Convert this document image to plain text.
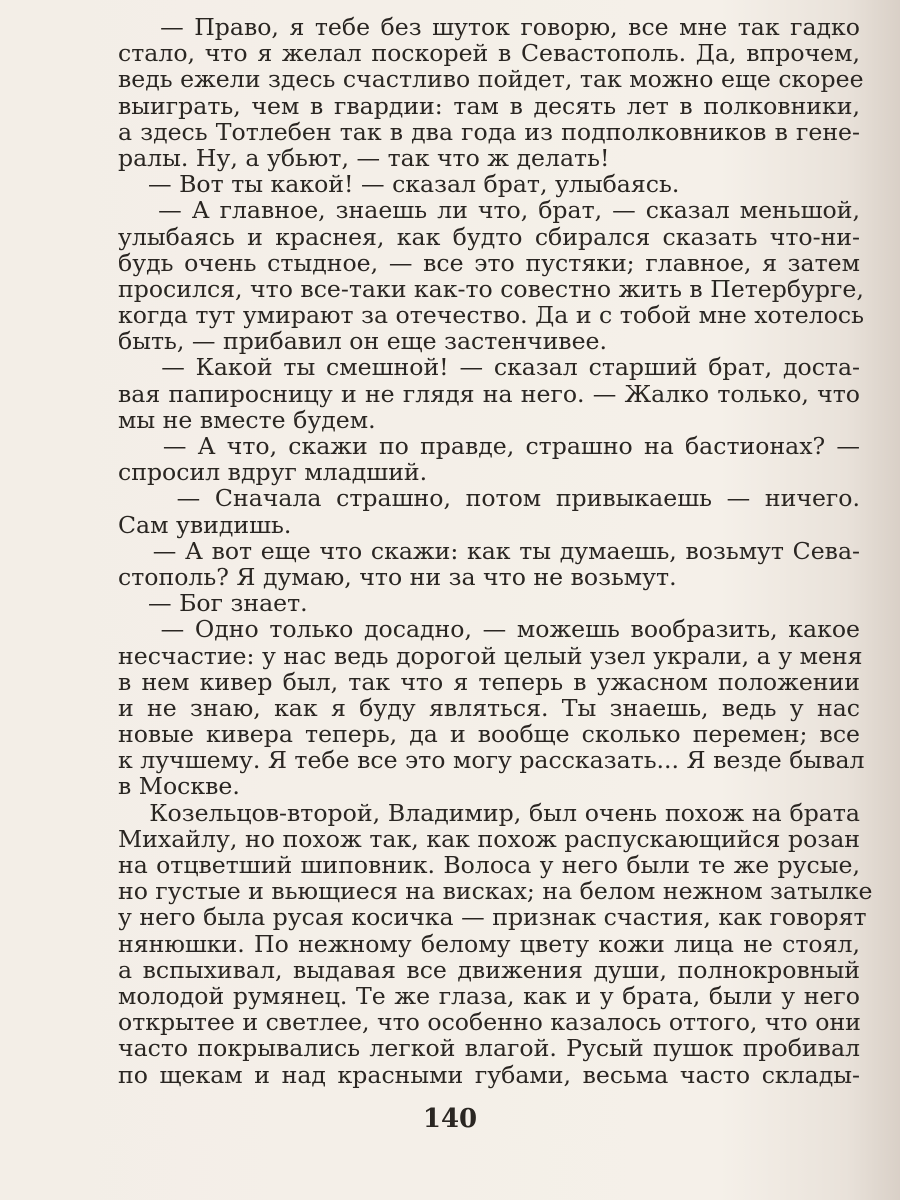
— Право, я тебе без шуток говорю, все мне так гадко
стало, что я желал поскорей в Севастополь. Да, впрочем,
ведь ежели здесь счастливо пойдет, так можно еще скорее
выиграть, чем в гвардии: там в десять лет в полковники,
а здесь Тотлебен так в два года из подполковников в гене-
ралы. Ну, а убьют, — так что ж делать!
— Вот ты какой! — сказал брат, улыбаясь.
— А главное, знаешь ли что, брат, — сказал меньшой,
улыбаясь и краснея, как будто сбирался сказать что-ни-
будь очень стыдное, — все это пустяки; главное, я затем
просился, что все-таки как-то совестно жить в Петербурге,
когда тут умирают за отечество. Да и с тобой мне хотелось
быть, — прибавил он еще застенчивее.
— Какой ты смешной! — сказал старший брат, доста-
вая папиросницу и не глядя на него. — Жалко только, что
мы не вместе будем.
— А что, скажи по правде, страшно на бастионах? —
спросил вдруг младший.
— Сначала страшно, потом привыкаешь — ничего.
Сам увидишь.
— А вот еще что скажи: как ты думаешь, возьмут Сева-
стополь? Я думаю, что ни за что не возьмут.
— Бог знает.
— Одно только досадно, — можешь вообразить, какое
несчастие: у нас ведь дорогой целый узел украли, а у меня
в нем кивер был, так что я теперь в ужасном положении
и не знаю, как я буду являться. Ты знаешь, ведь у нас
новые кивера теперь, да и вообще сколько перемен; все
к лучшему. Я тебе все это могу рассказать... Я везде бывал
в Москве.
Козельцов-второй, Владимир, был очень похож на брата
Михайлу, но похож так, как похож распускающийся розан
на отцветший шиповник. Волоса у него были те же русые,
но густые и вьющиеся на висках; на белом нежном затылке
у него была русая косичка — признак счастия, как говорят
нянюшки. По нежному белому цвету кожи лица не стоял,
а вспыхивал, выдавая все движения души, полнокровный
молодой румянец. Те же глаза, как и у брата, были у него
открытее и светлее, что особенно казалось оттого, что они
часто покрывались легкой влагой. Русый пушок пробивал
по щекам и над красными губами, весьма часто склады-
140
